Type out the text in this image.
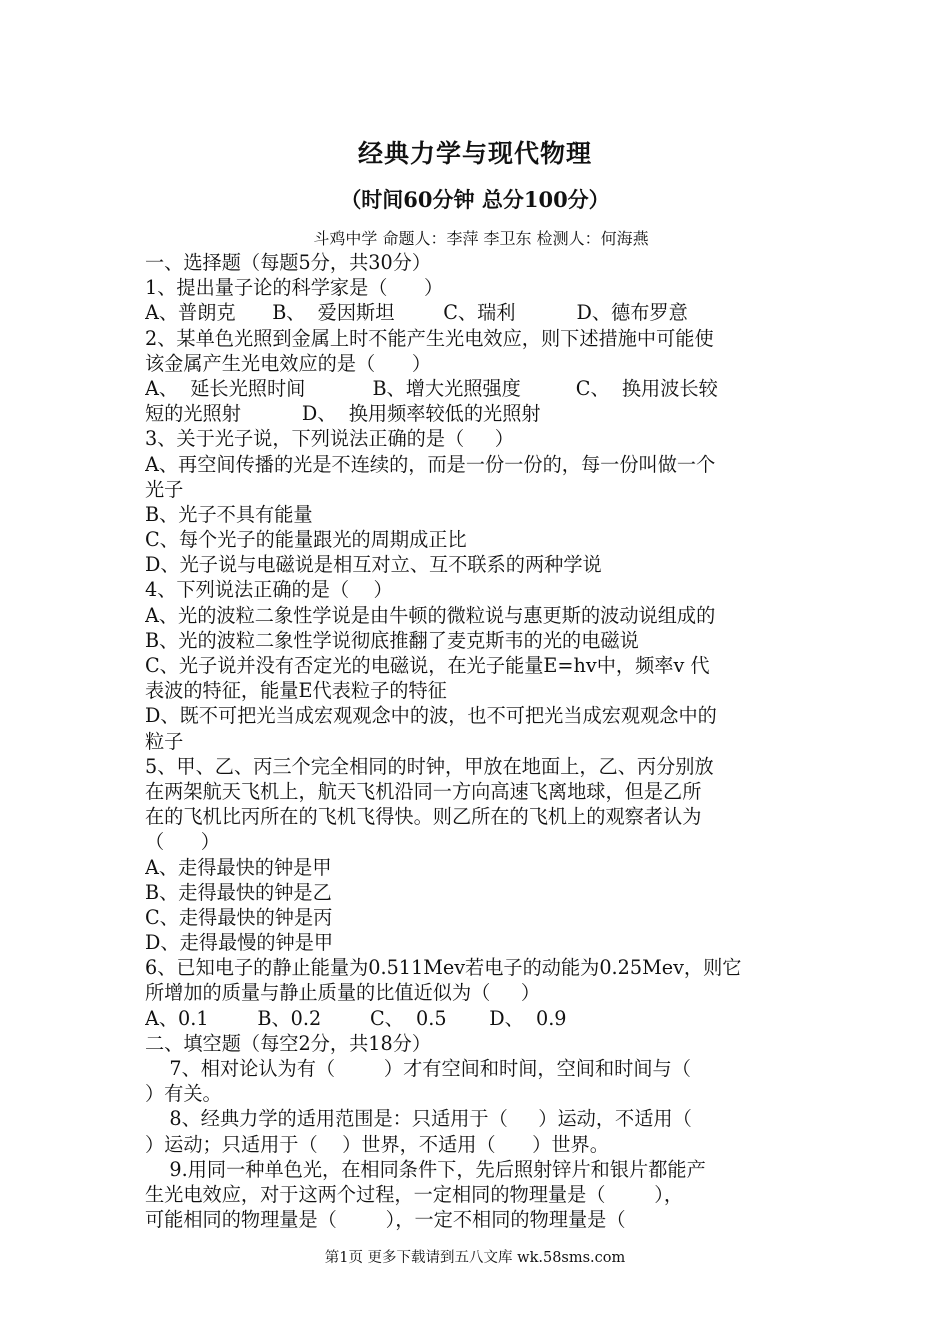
经典力学与现代物理
（时间60分钟 总分100分）
斗鸡中学 命题人：李萍 李卫东 检测人：何海燕
一、选择题（每题5分，共30分）
1、提出量子论的科学家是（      ）
A、普朗克      B、  爱因斯坦        C、瑞利          D、德布罗意
2、某单色光照到金属上时不能产生光电效应，则下述措施中可能使
该金属产生光电效应的是（      ）
A、  延长光照时间           B、增大光照强度         C、  换用波长较
短的光照射          D、  换用频率较低的光照射
3、关于光子说，下列说法正确的是（     ）
A、再空间传播的光是不连续的，而是一份一份的，每一份叫做一个
光子
B、光子不具有能量
C、每个光子的能量跟光的周期成正比
D、光子说与电磁说是相互对立、互不联系的两种学说
4、下列说法正确的是（    ）
A、光的波粒二象性学说是由牛顿的微粒说与惠更斯的波动说组成的
B、光的波粒二象性学说彻底推翻了麦克斯韦的光的电磁说
C、光子说并没有否定光的电磁说，在光子能量E=hv中，频率v 代
表波的特征，能量E代表粒子的特征
D、既不可把光当成宏观观念中的波，也不可把光当成宏观观念中的
粒子
5、甲、乙、丙三个完全相同的时钟，甲放在地面上，乙、丙分别放
在两架航天飞机上，航天飞机沿同一方向高速飞离地球，但是乙所
在的飞机比丙所在的飞机飞得快。则乙所在的飞机上的观察者认为
（      ）
A、走得最快的钟是甲
B、走得最快的钟是乙
C、走得最快的钟是丙
D、走得最慢的钟是甲
6、已知电子的静止能量为0.511Mev若电子的动能为0.25Mev，则它
所增加的质量与静止质量的比值近似为（     ）
A、0.1        B、0.2        C、  0.5       D、  0.9
二、填空题（每空2分，共18分）
7、相对论认为有（        ）才有空间和时间，空间和时间与（
）有关。
8、经典力学的适用范围是：只适用于（     ）运动，不适用（
）运动；只适用于（    ）世界，不适用（      ）世界。
9.用同一种单色光，在相同条件下，先后照射锌片和银片都能产
生光电效应，对于这两个过程，一定相同的物理量是（        ），
可能相同的物理量是（        ），一定不相同的物理量是（
第1页 更多下载请到五八文库 wk.58sms.com
